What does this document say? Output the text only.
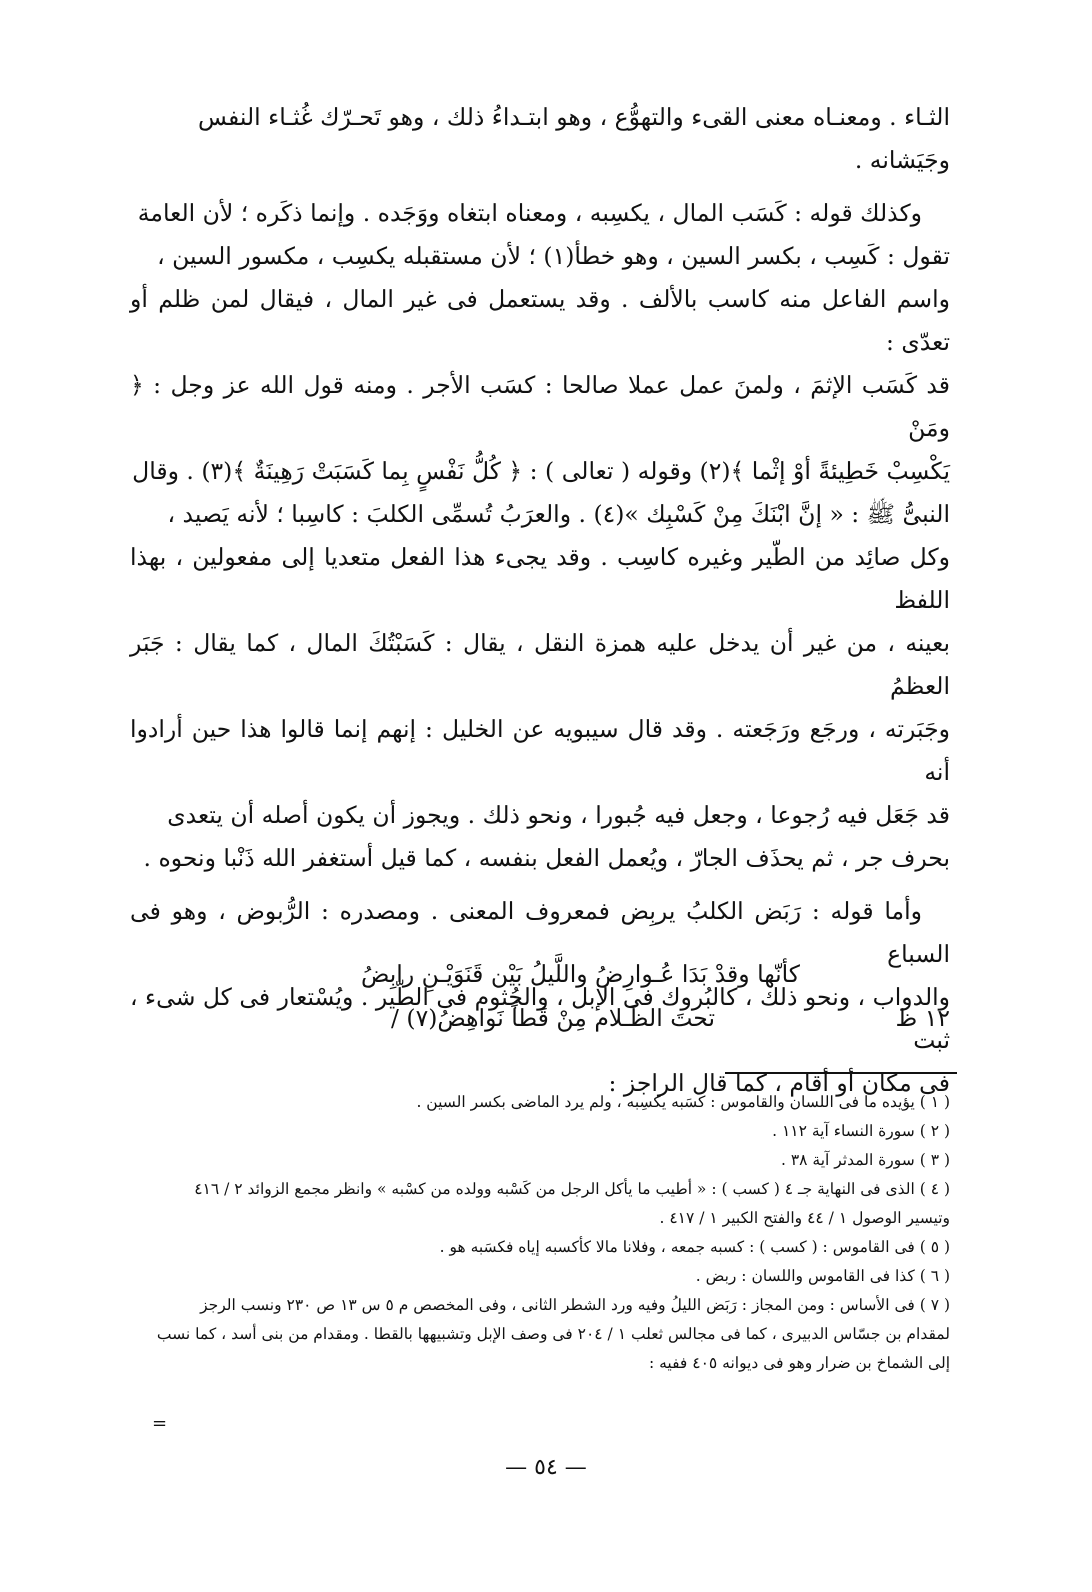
الثـاء . ومعنـاه معنى القىء والتهوُّع ، وهو ابتـداءُ ذلك ، وهو تَحـرّك غُثـاء النفس

وجَيَشانه .

وكذلك قوله : كَسَب المال ، يكسِبه ، ومعناه ابتغاه ووَجَده . وإنما ذكَره ؛ لأن العامة

تقول : كَسِب ، بكسر السين ، وهو خطأ(١) ؛ لأن مستقبله يكسِب ، مكسور السين ،

واسم الفاعل منه كاسب بالألف . وقد يستعمل فى غير المال ، فيقال لمن ظلم أو تعدّى :

قد كَسَب الإثمَ ، ولمنَ عمل عملا صالحا : كسَب الأجر . ومنه قول الله عز وجل : ﴿ ومَنْ

يَكْسِبْ خَطِيئةً أوْ إثْما ﴾(٢) وقوله ( تعالى ) : ﴿ كُلُّ نَفْسٍ بِما كَسَبَتْ رَهِينَةٌ ﴾(٣) . وقال

النبىُّ ﷺ : « إنَّ ابْنَكَ مِنْ كَسْبِك »(٤) . والعرَبُ تُسمِّى الكلبَ : كاسِبا ؛ لأنه يَصيد ،

وكل صائِد من الطّير وغيره كاسِب . وقد يجىء هذا الفعل متعديا إلى مفعولين ، بهذا اللفظ

بعينه ، من غير أن يدخل عليه همزة النقل ، يقال : كَسَبْتُكَ المال ، كما يقال : جَبَر العظمُ

وجَبَرته ، ورجَع ورَجَعته . وقد قال سيبويه عن الخليل : إنهم إنما قالوا هذا حين أرادوا أنه

قد جَعَل فيه رُجوعا ، وجعل فيه جُبورا ، ونحو ذلك . ويجوز أن يكون أصله أن يتعدى

بحرف جر ، ثم يحذَف الجارّ ، ويُعمل الفعل بنفسه ، كما قيل أستغفر الله ذَنْبا ونحوه .

وأما قوله : رَبَض الكلبُ يربِض فمعروف المعنى . ومصدره : الرُّبوض ، وهو فى السباع

والدواب ، ونحو ذلك ، كالبُروك فى الإبل ، والجُثوم فى الطّير . ويُسْتعار فى كل شىء ، ثبت

فى مكان أو أقام ، كما قال الراجز :

كأنّها وقدْ بَدَا عُـوارِضُ واللَّيلُ بَيْن قَنَوَيْـنِ رابِضُ
تحتَ الظَـلام مِنْ قَطاً نَواهِضُ(٧) /	١٢ ظ

( ١ ) يؤيده ما فى اللسان والقاموس : كسَبه يكسِبه ، ولم يرد الماضى بكسر السين .

( ٢ ) سورة النساء آية ١١٢ .

( ٣ ) سورة المدثر آية ٣٨ .

( ٤ ) الذى فى النهاية جـ ٤ ( كسب ) : « أطيب ما يأكل الرجل من كَسْبه وولده من كسْبه » وانظر مجمع الزوائد ٢ / ٤١٦

وتيسير الوصول ١ / ٤٤ والفتح الكبير ١ / ٤١٧ .

( ٥ ) فى القاموس : ( كسب ) : كسبه جمعه ، وفلانا مالا كأكسبه إياه فكسَبه هو .

( ٦ ) كذا فى القاموس واللسان : ربض .

( ٧ ) فى الأساس : ومن المجاز : رَبَض الليلُ وفيه ورد الشطر الثانى ، وفى المخصص م ٥ س ١٣ ص ٢٣٠ ونسب الرجز

لمقدام بن جسّاس الدبيرى ، كما فى مجالس ثعلب ١ / ٢٠٤ فى وصف الإبل وتشبيهها بالقطا . ومقدام من بنى أسد ، كما نسب

إلى الشماخ بن ضرار وهو فى ديوانه ٤٠٥ ففيه :

=
— ٥٤ —
